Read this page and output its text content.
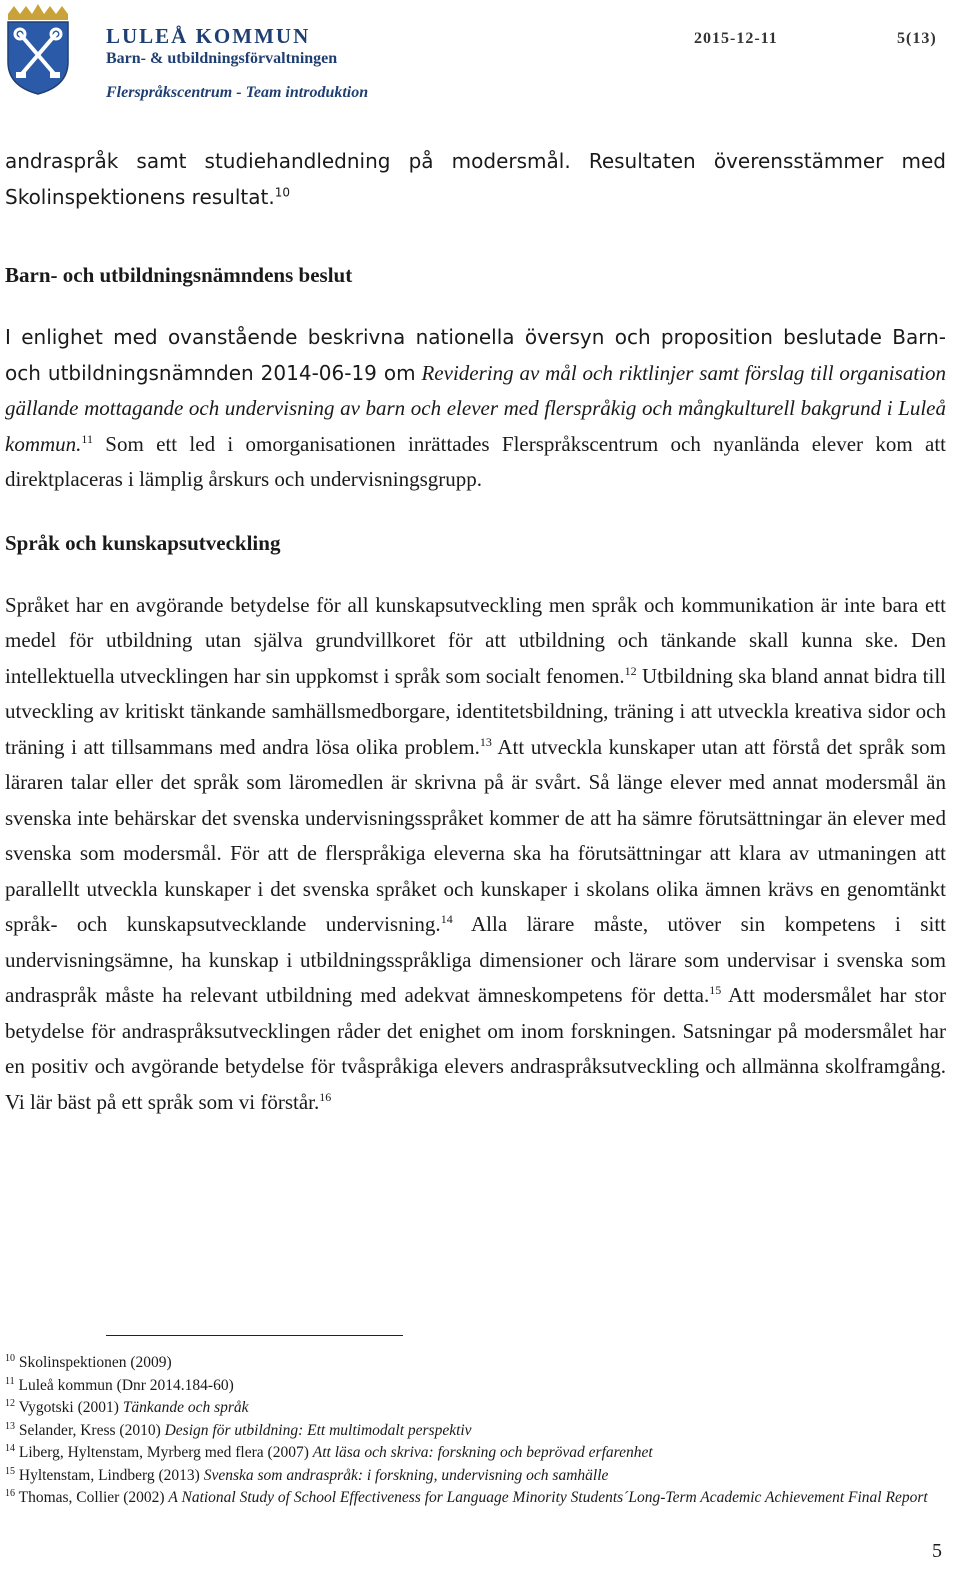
LULEÅ KOMMUN
Barn- & utbildningsförvaltningen
Flerspråkscentrum - Team introduktion
2015-12-11	5(13)

andraspråk samt studiehandledning på modersmål. Resultaten överensstämmer med Skolinspektionens resultat.$^{10}$

Barn- och utbildningsnämndens beslut

I enlighet med ovanstående beskrivna nationella översyn och proposition beslutade Barn- och utbildningsnämnden 2014-06-19 om Revidering av mål och riktlinjer samt förslag till organisation gällande mottagande och undervisning av barn och elever med flerspråkig och mångkulturell bakgrund i Luleå kommun.$^{11}$ Som ett led i omorganisationen inrättades Flerspråkscentrum och nyanlända elever kom att direktplaceras i lämplig årskurs och undervisningsgrupp.

Språk och kunskapsutveckling

Språket har en avgörande betydelse för all kunskapsutveckling men språk och kommunikation är inte bara ett medel för utbildning utan själva grundvillkoret för att utbildning och tänkande skall kunna ske. Den intellektuella utvecklingen har sin uppkomst i språk som socialt fenomen.$^{12}$ Utbildning ska bland annat bidra till utveckling av kritiskt tänkande samhällsmedborgare, identitetsbildning, träning i att utveckla kreativa sidor och träning i att tillsammans med andra lösa olika problem.$^{13}$ Att utveckla kunskaper utan att förstå det språk som läraren talar eller det språk som läromedlen är skrivna på är svårt. Så länge elever med annat modersmål än svenska inte behärskar det svenska undervisningsspråket kommer de att ha sämre förutsättningar än elever med svenska som modersmål. För att de flerspråkiga eleverna ska ha förutsättningar att klara av utmaningen att parallellt utveckla kunskaper i det svenska språket och kunskaper i skolans olika ämnen krävs en genomtänkt språk- och kunskapsutvecklande undervisning.$^{14}$ Alla lärare måste, utöver sin kompetens i sitt undervisningsämne, ha kunskap i utbildningsspråkliga dimensioner och lärare som undervisar i svenska som andraspråk måste ha relevant utbildning med adekvat ämneskompetens för detta.$^{15}$ Att modersmålet har stor betydelse för andraspråksutvecklingen råder det enighet om inom forskningen. Satsningar på modersmålet har en positiv och avgörande betydelse för tvåspråkiga elevers andraspråksutveckling och allmänna skolframgång. Vi lär bäst på ett språk som vi förstår.$^{16}$

$^{10}$ Skolinspektionen (2009)

$^{11}$ Luleå kommun (Dnr 2014.184-60)

$^{12}$ Vygotski (2001) Tänkande och språk

$^{13}$ Selander, Kress (2010) Design för utbildning: Ett multimodalt perspektiv

$^{14}$ Liberg, Hyltenstam, Myrberg med flera (2007) Att läsa och skriva: forskning och beprövad erfarenhet

$^{15}$ Hyltenstam, Lindberg (2013) Svenska som andraspråk: i forskning, undervisning och samhälle

$^{16}$ Thomas, Collier (2002) A National Study of School Effectiveness for Language Minority Students´Long-Term Academic Achievement Final Report

5
